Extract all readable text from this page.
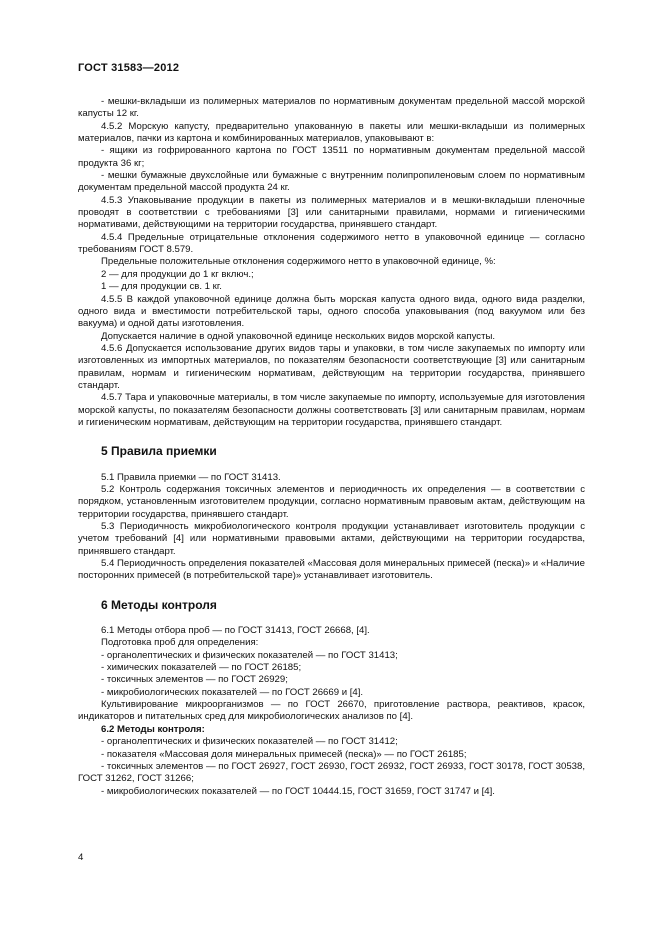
ГОСТ 31583—2012

- мешки-вкладыши из полимерных материалов по нормативным документам предельной массой морской капусты 12 кг.

4.5.2 Морскую капусту, предварительно упакованную в пакеты или мешки-вкладыши из полимерных материалов, пачки из картона и комбинированных материалов, упаковывают в:

- ящики из гофрированного картона по ГОСТ 13511 по нормативным документам предельной массой продукта 36 кг;

- мешки бумажные двухслойные или бумажные с внутренним полипропиленовым слоем по нормативным документам предельной массой продукта 24 кг.

4.5.3 Упаковывание продукции в пакеты из полимерных материалов и в мешки-вкладыши пленочные проводят в соответствии с требованиями [3] или санитарными правилами, нормами и гигиеническими нормативами, действующими на территории государства, принявшего стандарт.

4.5.4 Предельные отрицательные отклонения содержимого нетто в упаковочной единице — согласно требованиям ГОСТ 8.579.

Предельные положительные отклонения содержимого нетто в упаковочной единице, %:

2 — для продукции до 1 кг включ.;

1 — для продукции св. 1 кг.

4.5.5 В каждой упаковочной единице должна быть морская капуста одного вида, одного вида разделки, одного вида и вместимости потребительской тары, одного способа упаковывания (под вакуумом или без вакуума) и одной даты изготовления.

Допускается наличие в одной упаковочной единице нескольких видов морской капусты.

4.5.6 Допускается использование других видов тары и упаковки, в том числе закупаемых по импорту или изготовленных из импортных материалов, по показателям безопасности соответствующие [3] или санитарным правилам, нормам и гигиеническим нормативам, действующим на территории государства, принявшего стандарт.

4.5.7 Тара и упаковочные материалы, в том числе закупаемые по импорту, используемые для изготовления морской капусты, по показателям безопасности должны соответствовать [3] или санитарным правилам, нормам и гигиеническим нормативам, действующим на территории государства, принявшего стандарт.

5 Правила приемки

5.1 Правила приемки — по ГОСТ 31413.

5.2 Контроль содержания токсичных элементов и периодичность их определения — в соответствии с порядком, установленным изготовителем продукции, согласно нормативным правовым актам, действующим на территории государства, принявшего стандарт.

5.3 Периодичность микробиологического контроля продукции устанавливает изготовитель продукции с учетом требований [4] или нормативными правовыми актами, действующими на территории государства, принявшего стандарт.

5.4 Периодичность определения показателей «Массовая доля минеральных примесей (песка)» и «Наличие посторонних примесей (в потребительской таре)» устанавливает изготовитель.

6 Методы контроля

6.1 Методы отбора проб — по ГОСТ 31413, ГОСТ 26668, [4].

Подготовка проб для определения:

- органолептических и физических показателей — по ГОСТ 31413;

- химических показателей — по ГОСТ 26185;

- токсичных элементов — по ГОСТ 26929;

- микробиологических показателей — по ГОСТ 26669 и [4].

Культивирование микроорганизмов — по ГОСТ 26670, приготовление раствора, реактивов, красок, индикаторов и питательных сред для микробиологических анализов по [4].

6.2 Методы контроля:

- органолептических и физических показателей — по ГОСТ 31412;

- показателя «Массовая доля минеральных примесей (песка)» — по ГОСТ 26185;

- токсичных элементов — по ГОСТ 26927, ГОСТ 26930, ГОСТ 26932, ГОСТ 26933, ГОСТ 30178, ГОСТ 30538, ГОСТ 31262, ГОСТ 31266;

- микробиологических показателей — по ГОСТ 10444.15, ГОСТ 31659, ГОСТ 31747 и [4].

4
